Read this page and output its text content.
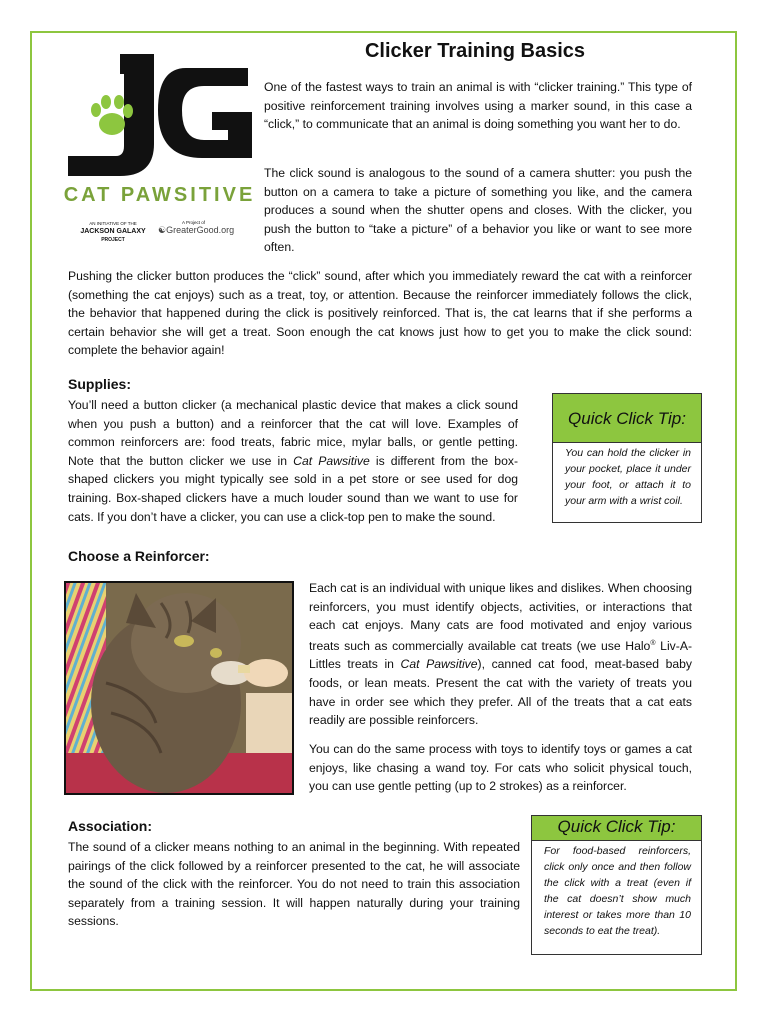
CAT PAWSITIVE
AN INITIATIVE OF THE
JACKSON GALAXY
PROJECT
A Project of
☯GreaterGood.org
Clicker Training Basics

One of the fastest ways to train an animal is with “clicker training.” This type of positive reinforcement training involves using a marker sound, in this case a “click,” to communicate that an animal is doing something you want her to do.

The click sound is analogous to the sound of a camera shutter: you push the button on a camera to take a picture of something you like, and the camera produces a sound when the shutter opens and closes. With the clicker, you push the button to “take a picture” of a behavior you like or want to see more often.

Pushing the clicker button produces the “click” sound, after which you immediately reward the cat with a reinforcer (something the cat enjoys) such as a treat, toy, or attention. Because the reinforcer immediately follows the click, the behavior that happened during the click is positively reinforced. That is, the cat learns that if she performs a certain behavior she will get a treat. Soon enough the cat knows just how to get you to make the click sound: complete the behavior again!

Supplies:

You’ll need a button clicker (a mechanical plastic device that makes a click sound when you push a button) and a reinforcer that the cat will love. Examples of common reinforcers are: food treats, fabric mice, mylar balls, or gentle petting. Note that the button clicker we use in Cat Pawsitive is different from the box-shaped clickers you might typically see sold in a pet store or see used for dog training. Box-shaped clickers have a much louder sound than we want to use for cats. If you don’t have a clicker, you can use a click-top pen to make the sound.

Quick Click Tip:
You can hold the clicker in your pocket, place it under your foot, or attach it to your arm with a wrist coil.
Choose a Reinforcer:

Each cat is an individual with unique likes and dislikes. When choosing reinforcers, you must identify objects, activities, or interactions that each cat enjoys. Many cats are food motivated and enjoy various treats such as commercially available cat treats (we use Halo® Liv-A-Littles treats in Cat Pawsitive), canned cat food, meat-based baby foods, or lean meats. Present the cat with the variety of treats you have in order see which they prefer. All of the treats that a cat eats readily are possible reinforcers.

You can do the same process with toys to identify toys or games a cat enjoys, like chasing a wand toy. For cats who solicit physical touch, you can use gentle petting (up to 2 strokes) as a reinforcer.

Association:

The sound of a clicker means nothing to an animal in the beginning. With repeated pairings of the click followed by a reinforcer presented to the cat, he will associate the sound of the click with the reinforcer. You do not need to train this association separately from a training session. It will happen naturally during your training sessions.

Quick Click Tip:
For food-based reinforcers, click only once and then follow the click with a treat (even if the cat doesn’t show much interest or takes more than 10 seconds to eat the treat).
